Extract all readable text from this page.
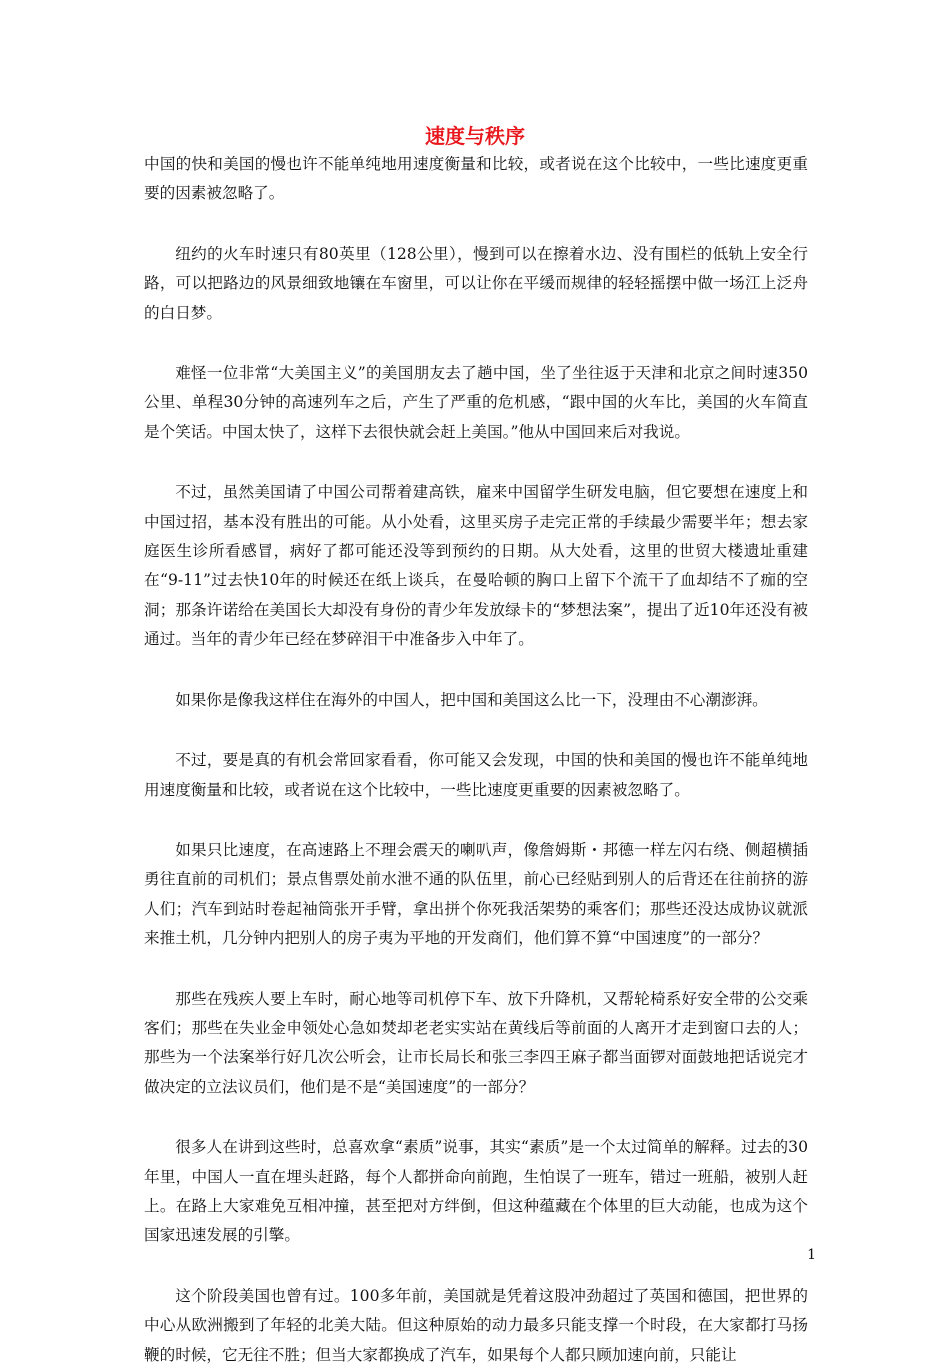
速度与秩序

中国的快和美国的慢也许不能单纯地用速度衡量和比较，或者说在这个比较中，一些比速度更重要的因素被忽略了。

纽约的火车时速只有80英里（128公里），慢到可以在擦着水边、没有围栏的低轨上安全行路，可以把路边的风景细致地镶在车窗里，可以让你在平缓而规律的轻轻摇摆中做一场江上泛舟的白日梦。

难怪一位非常“大美国主义”的美国朋友去了趟中国，坐了坐往返于天津和北京之间时速350公里、单程30分钟的高速列车之后，产生了严重的危机感，“跟中国的火车比，美国的火车简直是个笑话。中国太快了，这样下去很快就会赶上美国。”他从中国回来后对我说。

不过，虽然美国请了中国公司帮着建高铁，雇来中国留学生研发电脑，但它要想在速度上和中国过招，基本没有胜出的可能。从小处看，这里买房子走完正常的手续最少需要半年；想去家庭医生诊所看感冒，病好了都可能还没等到预约的日期。从大处看，这里的世贸大楼遗址重建在“9-11”过去快10年的时候还在纸上谈兵，在曼哈顿的胸口上留下个流干了血却结不了痂的空洞；那条许诺给在美国长大却没有身份的青少年发放绿卡的“梦想法案”，提出了近10年还没有被通过。当年的青少年已经在梦碎泪干中准备步入中年了。

如果你是像我这样住在海外的中国人，把中国和美国这么比一下，没理由不心潮澎湃。

不过，要是真的有机会常回家看看，你可能又会发现，中国的快和美国的慢也许不能单纯地用速度衡量和比较，或者说在这个比较中，一些比速度更重要的因素被忽略了。

如果只比速度，在高速路上不理会震天的喇叭声，像詹姆斯・邦德一样左闪右绕、侧超横插勇往直前的司机们；景点售票处前水泄不通的队伍里，前心已经贴到别人的后背还在往前挤的游人们；汽车到站时卷起袖筒张开手臂，拿出拼个你死我活架势的乘客们；那些还没达成协议就派来推土机，几分钟内把别人的房子夷为平地的开发商们，他们算不算“中国速度”的一部分？

那些在残疾人要上车时，耐心地等司机停下车、放下升降机，又帮轮椅系好安全带的公交乘客们；那些在失业金申领处心急如焚却老老实实站在黄线后等前面的人离开才走到窗口去的人；那些为一个法案举行好几次公听会，让市长局长和张三李四王麻子都当面锣对面鼓地把话说完才做决定的立法议员们，他们是不是“美国速度”的一部分？

很多人在讲到这些时，总喜欢拿“素质”说事，其实“素质”是一个太过简单的解释。过去的30年里，中国人一直在埋头赶路，每个人都拼命向前跑，生怕误了一班车，错过一班船，被别人赶上。在路上大家难免互相冲撞，甚至把对方绊倒，但这种蕴藏在个体里的巨大动能，也成为这个国家迅速发展的引擎。

这个阶段美国也曾有过。100多年前，美国就是凭着这股冲劲超过了英国和德国，把世界的中心从欧洲搬到了年轻的北美大陆。但这种原始的动力最多只能支撑一个时段，在大家都打马扬鞭的时候，它无往不胜；但当大家都换成了汽车，如果每个人都只顾加速向前，只能让

1
